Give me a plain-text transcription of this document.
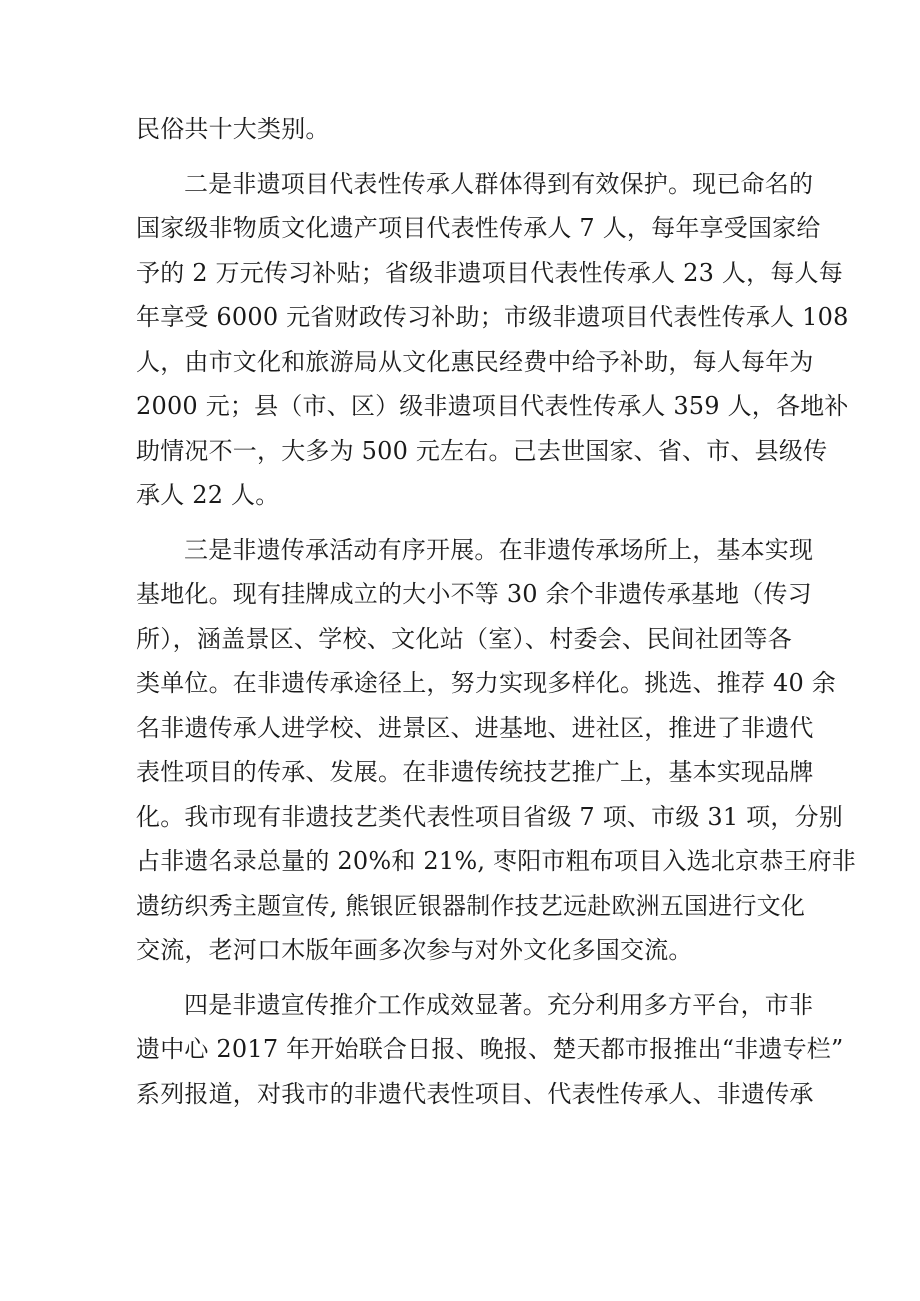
民俗共十大类别。
二是非遗项目代表性传承人群体得到有效保护。现已命名的
国家级非物质文化遗产项目代表性传承人 7 人，每年享受国家给
予的 2 万元传习补贴；省级非遗项目代表性传承人 23 人，每人每
年享受 6000 元省财政传习补助；市级非遗项目代表性传承人 108
人，由市文化和旅游局从文化惠民经费中给予补助，每人每年为
2000 元；县（市、区）级非遗项目代表性传承人 359 人，各地补
助情况不一，大多为 500 元左右。己去世国家、省、市、县级传
承人 22 人。
三是非遗传承活动有序开展。在非遗传承场所上，基本实现
基地化。现有挂牌成立的大小不等 30 余个非遗传承基地（传习
所），涵盖景区、学校、文化站（室）、村委会、民间社团等各
类单位。在非遗传承途径上，努力实现多样化。挑选、推荐 40 余
名非遗传承人进学校、进景区、进基地、进社区，推进了非遗代
表性项目的传承、发展。在非遗传统技艺推广上，基本实现品牌
化。我市现有非遗技艺类代表性项目省级 7 项、市级 31 项，分别
占非遗名录总量的 20%和 21%, 枣阳市粗布项目入选北京恭王府非
遗纺织秀主题宣传, 熊银匠银器制作技艺远赴欧洲五国进行文化
交流，老河口木版年画多次参与对外文化多国交流。
四是非遗宣传推介工作成效显著。充分利用多方平台，市非
遗中心 2017 年开始联合日报、晚报、楚天都市报推出“非遗专栏”
系列报道，对我市的非遗代表性项目、代表性传承人、非遗传承
